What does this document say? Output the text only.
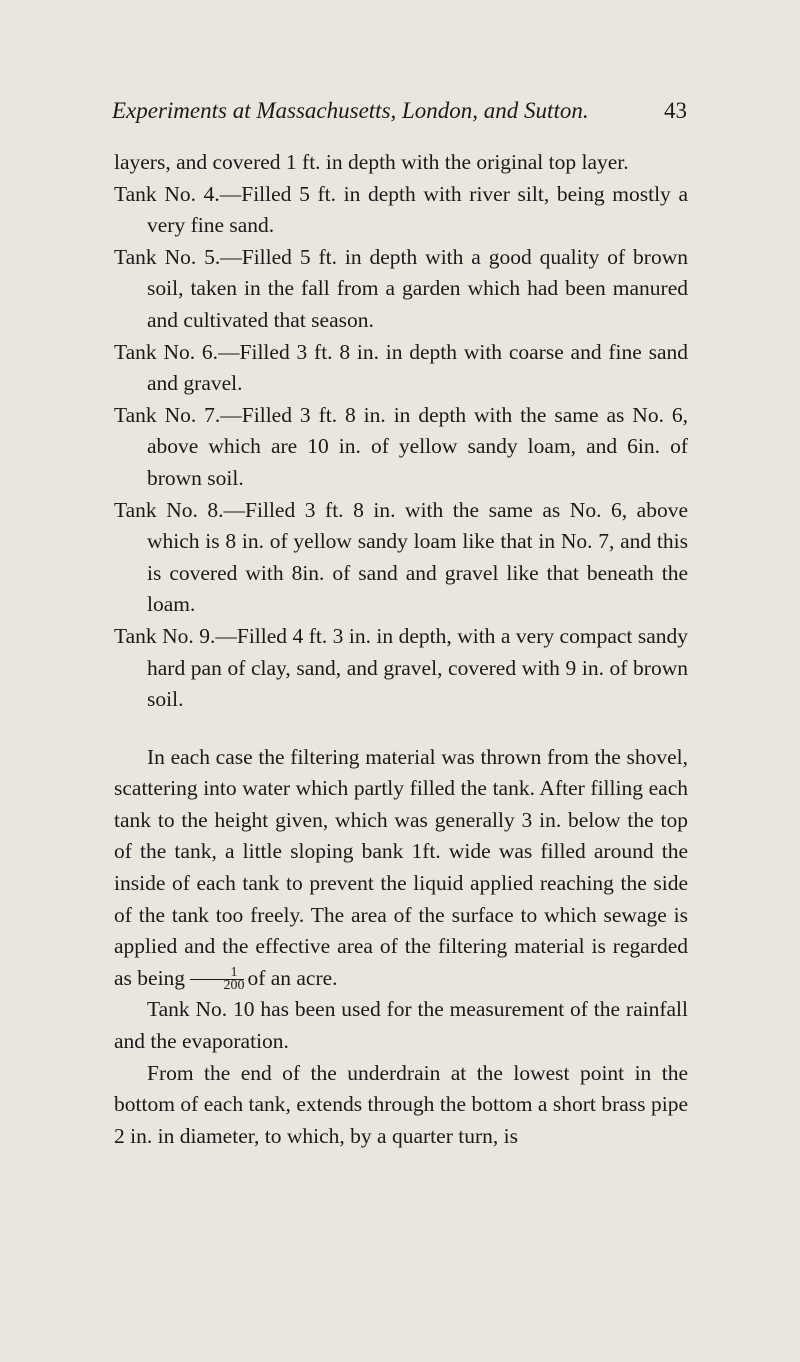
Experiments at Massachusetts, London, and Sutton.	43

layers, and covered 1 ft. in depth with the original top layer.

Tank No. 4.—Filled 5 ft. in depth with river silt, being mostly a very fine sand.

Tank No. 5.—Filled 5 ft. in depth with a good quality of brown soil, taken in the fall from a garden which had been manured and cultivated that season.

Tank No. 6.—Filled 3 ft. 8 in. in depth with coarse and fine sand and gravel.

Tank No. 7.—Filled 3 ft. 8 in. in depth with the same as No. 6, above which are 10 in. of yellow sandy loam, and 6in. of brown soil.

Tank No. 8.—Filled 3 ft. 8 in. with the same as No. 6, above which is 8 in. of yellow sandy loam like that in No. 7, and this is covered with 8in. of sand and gravel like that beneath the loam.

Tank No. 9.—Filled 4 ft. 3 in. in depth, with a very compact sandy hard pan of clay, sand, and gravel, covered with 9 in. of brown soil.

In each case the filtering material was thrown from the shovel, scattering into water which partly filled the tank. After filling each tank to the height given, which was generally 3 in. below the top of the tank, a little sloping bank 1ft. wide was filled around the inside of each tank to prevent the liquid applied reaching the side of the tank too freely. The area of the surface to which sewage is applied and the effective area of the filtering material is regarded as being $\frac{1}{200}$ of an acre.

Tank No. 10 has been used for the measurement of the rainfall and the evaporation.

From the end of the underdrain at the lowest point in the bottom of each tank, extends through the bottom a short brass pipe 2 in. in diameter, to which, by a quarter turn, is
